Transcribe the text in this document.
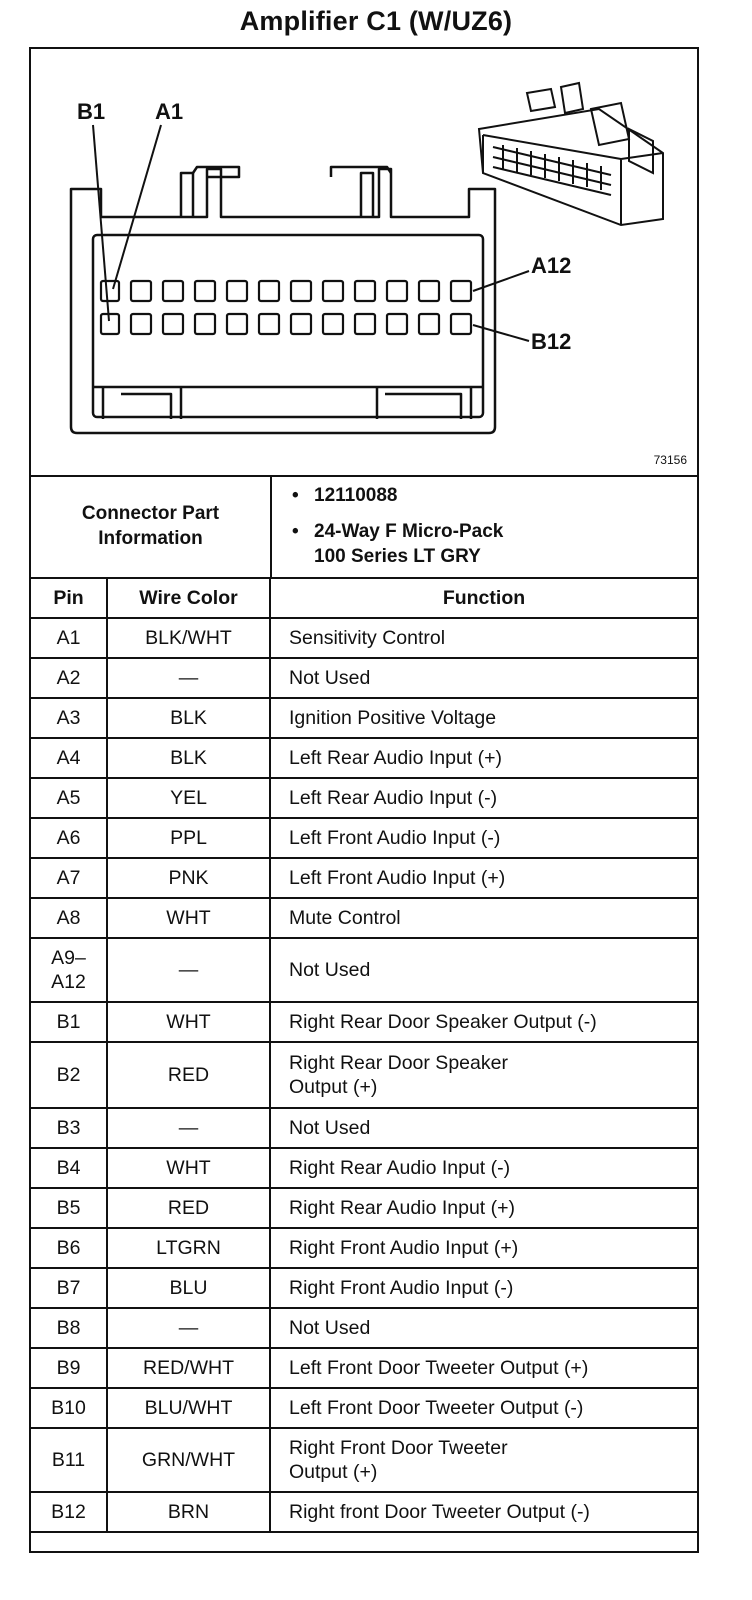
Amplifier C1 (W/UZ6)
B1 A1
A12
B12
73156
Connector Part
Information
• 12110088
• 24-Way F Micro-Pack
100 Series LT GRY
Pin	Wire Color	Function
A1	BLK/WHT	Sensitivity Control
A2	—	Not Used
A3	BLK	Ignition Positive Voltage
A4	BLK	Left Rear Audio Input (+)
A5	YEL	Left Rear Audio Input (-)
A6	PPL	Left Front Audio Input (-)
A7	PNK	Left Front Audio Input (+)
A8	WHT	Mute Control

A9–
A12	—	Not Used
B1	WHT	Right Rear Door Speaker Output (-)
B2	RED	Right Rear Door Speaker
Output (+)

B3	—	Not Used
B4	WHT	Right Rear Audio Input (-)
B5	RED	Right Rear Audio Input (+)
B6	LTGRN	Right Front Audio Input (+)
B7	BLU	Right Front Audio Input (-)
B8	—	Not Used
B9	RED/WHT	Left Front Door Tweeter Output (+)
B10	BLU/WHT	Left Front Door Tweeter Output (-)
B11	GRN/WHT	Right Front Door Tweeter
Output (+)

B12	BRN	Right front Door Tweeter Output (-)
